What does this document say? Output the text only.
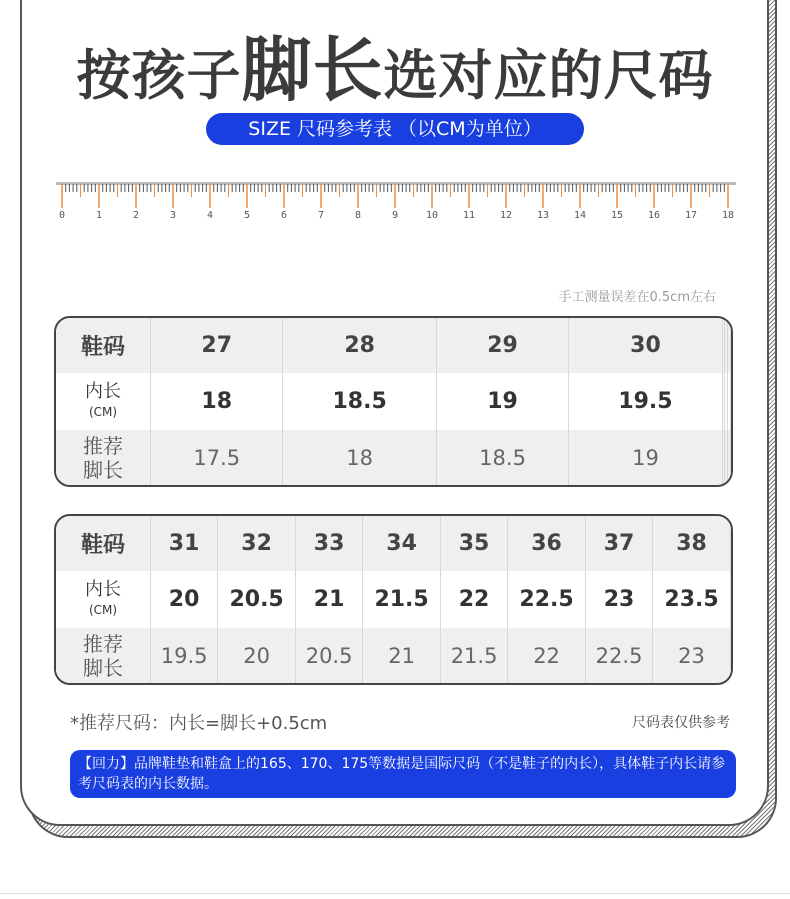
按孩子脚长选对应的尺码
SIZE 尺码参考表 （以CM为单位）
0	1	2	3	4	5	6	7	8	9	10 11 12 13 14 15 16 17 18
手工测量误差在0.5cm左右
鞋码	27	28	29	30				
内长
(CM)	18	18.5	19	19.5				
推荐
脚长	17.5	18	18.5	19				
鞋码	31	32	33	34	35	36	37	38	
内长
(CM)	20	20.5	21	21.5	22	22.5	23	23.5	
推荐
脚长	19.5	20	20.5	21	21.5	22	22.5	23	
*推荐尺码：内长=脚长+0.5cm	尺码表仅供参考
【回力】品牌鞋垫和鞋盒上的165、170、175等数据是国际尺码（不是鞋子的内长），具体鞋子内长请参考尺码表的内长数据。
